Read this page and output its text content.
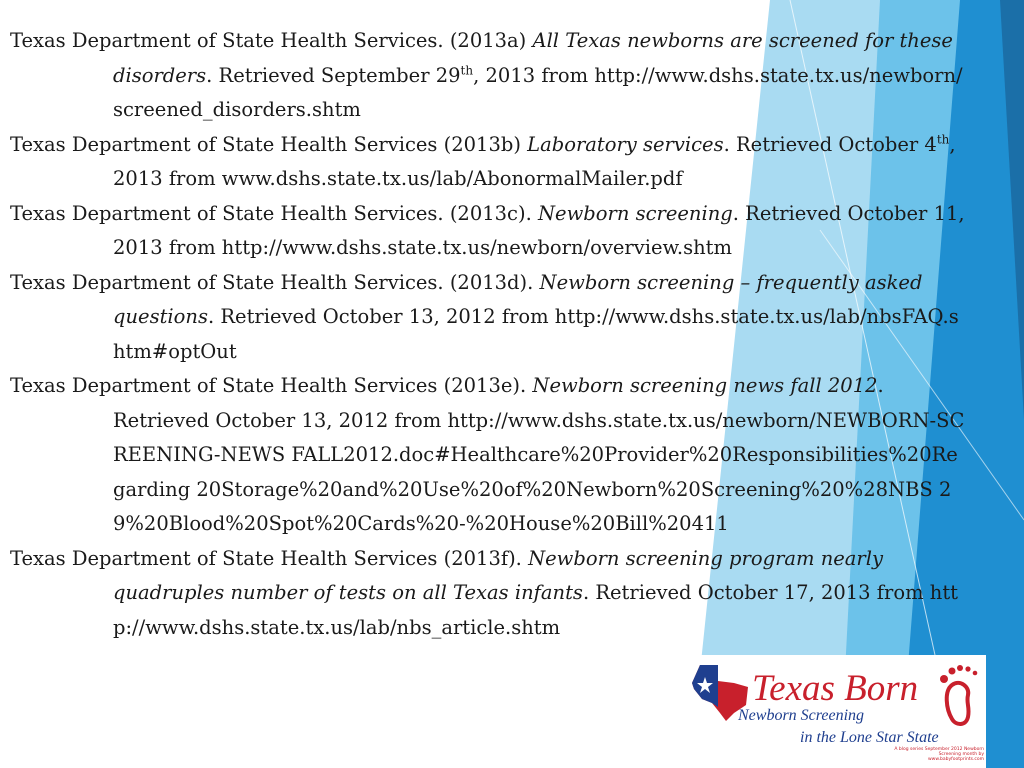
Texas Department of State Health Services. (2013a) All Texas newborns are screened for these disorders. Retrieved September 29th, 2013 from http://www.dshs.state.tx.us/newborn/screened_disorders.shtm

Texas Department of State Health Services (2013b) Laboratory services. Retrieved October 4th, 2013 from www.dshs.state.tx.us/lab/AbonormalMailer.pdf

Texas Department of State Health Services. (2013c). Newborn screening. Retrieved October 11, 2013 from http://www.dshs.state.tx.us/newborn/overview.shtm

Texas Department of State Health Services. (2013d). Newborn screening – frequently asked questions. Retrieved October 13, 2012 from http://www.dshs.state.tx.us/lab/nbsFAQ.shtm#optOut

Texas Department of State Health Services (2013e). Newborn screening news fall 2012. Retrieved October 13, 2012 from http://www.dshs.state.tx.us/newborn/NEWBORN-SCREENING-NEWS FALL2012.doc#Healthcare%20Provider%20Responsibilities%20Regarding 20Storage%20and%20Use%20of%20Newborn%20Screening%20%28NBS 29%20Blood%20Spot%20Cards%20-%20House%20Bill%20411

Texas Department of State Health Services (2013f). Newborn screening program nearly quadruples number of tests on all Texas infants. Retrieved October 17, 2013 from http://www.dshs.state.tx.us/lab/nbs_article.shtm

Texas Born
Newborn Screening
in the Lone Star State
A blog series September 2012 Newborn Screening month by www.babyfootprints.com
